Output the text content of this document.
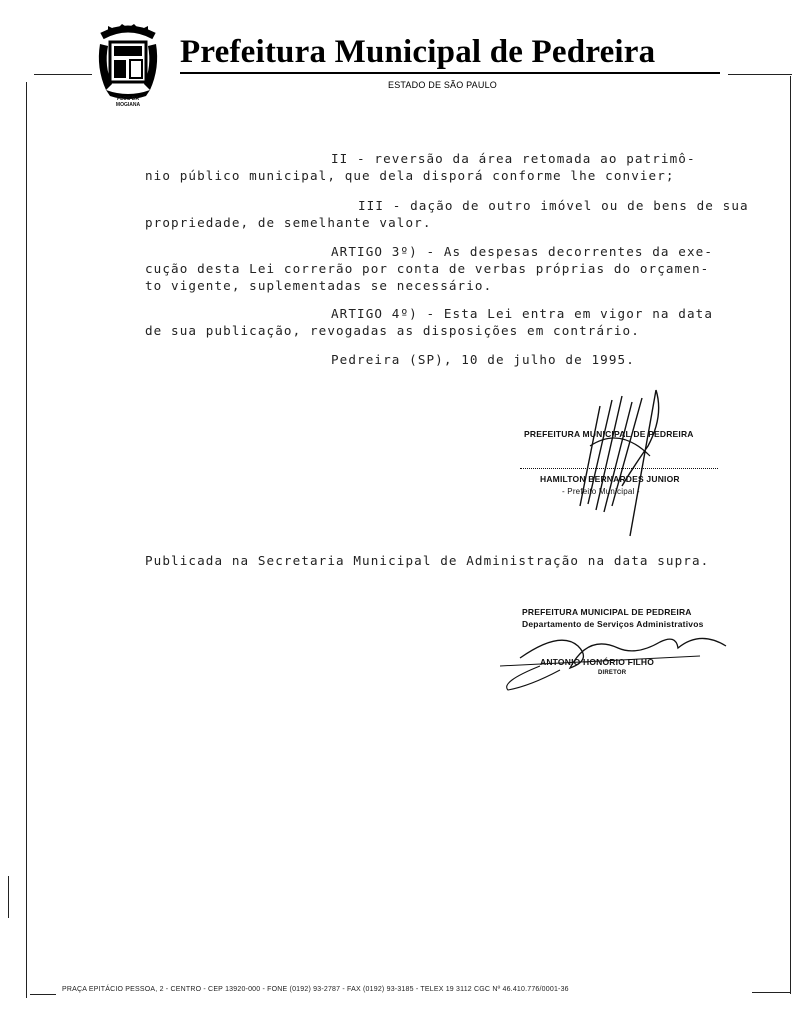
FLOS DA
MOGIANA
Prefeitura Municipal de Pedreira
ESTADO DE SÃO PAULO

II - reversão da área retomada ao patrimô-

nio público municipal, que dela disporá conforme lhe convier;

III - dação de outro imóvel ou de bens de sua

propriedade, de semelhante valor.

ARTIGO 3º) - As despesas decorrentes da exe-

cução desta Lei correrão por conta de verbas próprias do orçamen-

to vigente, suplementadas se necessário.

ARTIGO 4º) - Esta Lei entra em vigor na data

de sua publicação, revogadas as disposições em contrário.

Pedreira (SP), 10 de julho de 1995.

PREFEITURA MUNICIPAL DE PEDREIRA
HAMILTON BERNARDES JUNIOR
- Prefeito Municipal -

Publicada na Secretaria Municipal de Administração na data supra.

PREFEITURA MUNICIPAL DE PEDREIRA
Departamento de Serviços Administrativos
ANTONIO HONÓRIO FILHO
DIRETOR
PRAÇA EPITÁCIO PESSOA, 2 - CENTRO - CEP 13920-000 - FONE (0192) 93-2787 - FAX (0192) 93-3185 - TELEX 19 3112 CGC Nº 46.410.776/0001-36
